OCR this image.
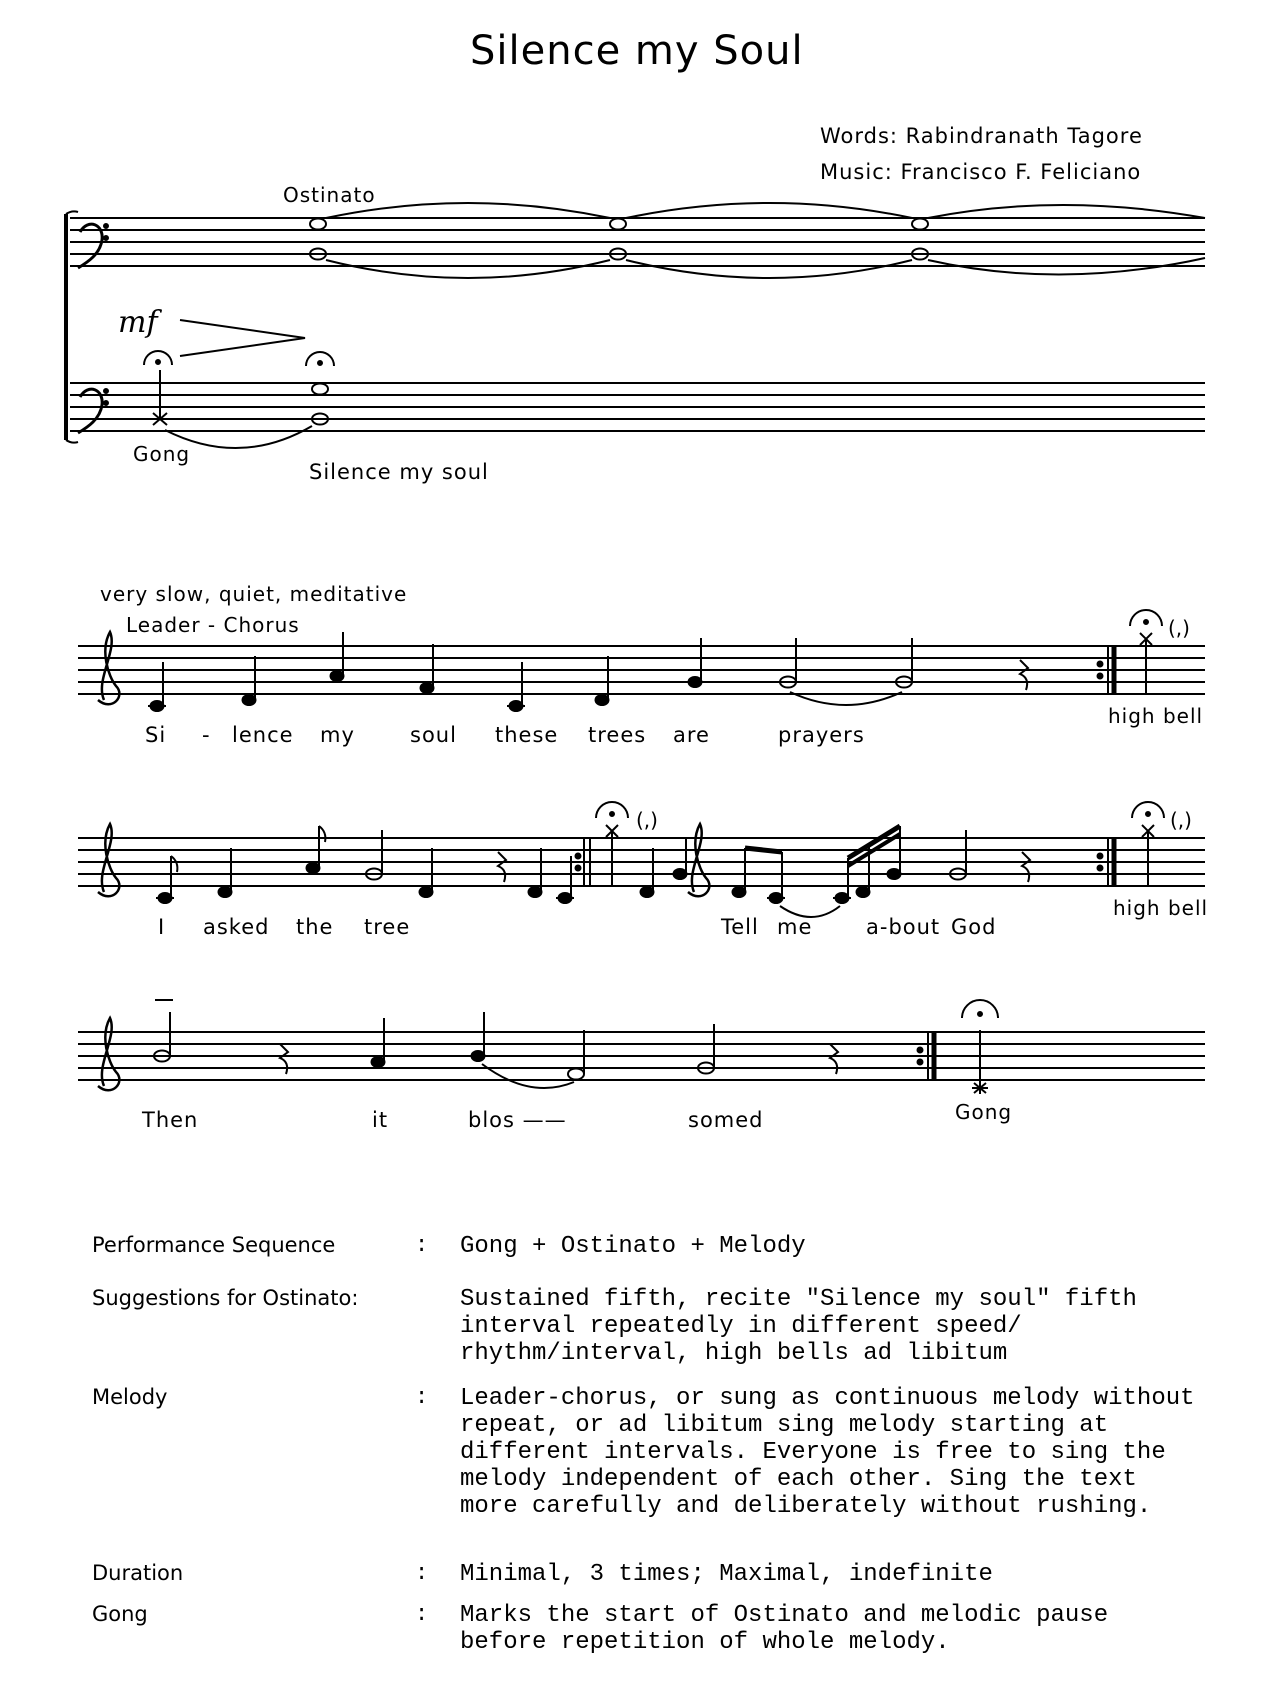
Silence my Soul
Words: Rabindranath Tagore
Music: Francisco F. Feliciano
Ostinato
mf
Gong
Silence my soul
very slow, quiet, meditative
Leader - Chorus	(,)
high bell
Si - lence my	soul these trees are	prayers
(,)	(,)
high bell
I asked the tree	Tell me	a-bout God
Then	it	blos ——	somed	Gong
Performance Sequence	: Gong + Ostinato + Melody
Suggestions for Ostinato:	Sustained fifth, recite "Silence my soul" fifth interval repeatedly in different speed/ rhythm/interval, high bells ad libitum
Melody	: Leader-chorus, or sung as continuous melody without repeat, or ad libitum sing melody starting at different intervals. Everyone is free to sing the melody independent of each other. Sing the text more carefully and deliberately without rushing.
Duration	: Minimal, 3 times; Maximal, indefinite
Gong	: Marks the start of Ostinato and melodic pause before repetition of whole melody.
